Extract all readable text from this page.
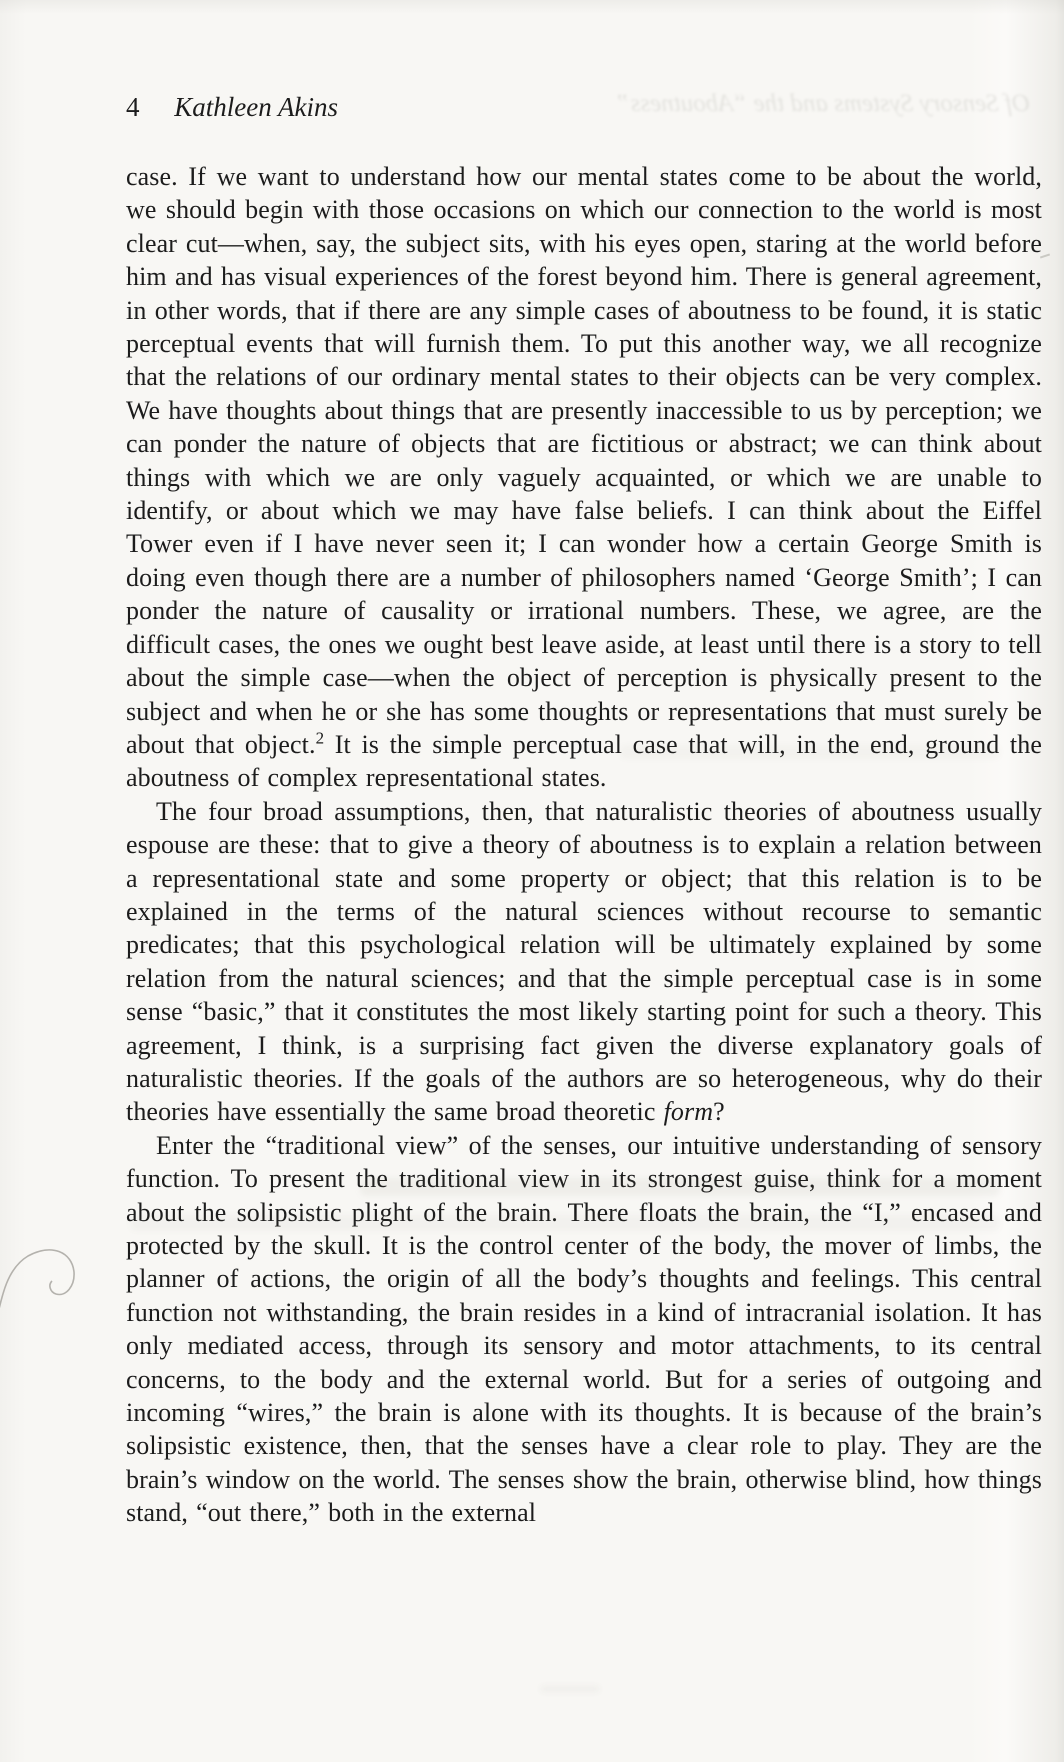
Of Sensory Systems and the “Aboutness”
4 Kathleen Akins

case. If we want to understand how our mental states come to be about the world, we should begin with those occasions on which our connection to the world is most clear cut—when, say, the subject sits, with his eyes open, staring at the world before him and has visual experiences of the forest beyond him. There is general agreement, in other words, that if there are any simple cases of aboutness to be found, it is static perceptual events that will furnish them. To put this another way, we all recognize that the relations of our ordinary mental states to their objects can be very complex. We have thoughts about things that are presently inaccessible to us by perception; we can ponder the nature of objects that are fictitious or abstract; we can think about things with which we are only vaguely acquainted, or which we are unable to identify, or about which we may have false beliefs. I can think about the Eiffel Tower even if I have never seen it; I can wonder how a certain George Smith is doing even though there are a number of philosophers named ‘George Smith’; I can ponder the nature of causality or irrational numbers. These, we agree, are the difficult cases, the ones we ought best leave aside, at least until there is a story to tell about the simple case—when the object of perception is physically present to the subject and when he or she has some thoughts or representations that must surely be about that object.$^2$ It is the simple perceptual case that will, in the end, ground the aboutness of complex representational states.

The four broad assumptions, then, that naturalistic theories of aboutness usually espouse are these: that to give a theory of aboutness is to explain a relation between a representational state and some property or object; that this relation is to be explained in the terms of the natural sciences without recourse to semantic predicates; that this psychological relation will be ultimately explained by some relation from the natural sciences; and that the simple perceptual case is in some sense “basic,” that it constitutes the most likely starting point for such a theory. This agreement, I think, is a surprising fact given the diverse explanatory goals of naturalistic theories. If the goals of the authors are so heterogeneous, why do their theories have essentially the same broad theoretic form?

Enter the “traditional view” of the senses, our intuitive understanding of sensory function. To present the traditional view in its strongest guise, think for a moment about the solipsistic plight of the brain. There floats the brain, the “I,” encased and protected by the skull. It is the control center of the body, the mover of limbs, the planner of actions, the origin of all the body’s thoughts and feelings. This central function not withstanding, the brain resides in a kind of intracranial isolation. It has only mediated access, through its sensory and motor attachments, to its central concerns, to the body and the external world. But for a series of outgoing and incoming “wires,” the brain is alone with its thoughts. It is because of the brain’s solipsistic existence, then, that the senses have a clear role to play. They are the brain’s window on the world. The senses show the brain, otherwise blind, how things stand, “out there,” both in the external
